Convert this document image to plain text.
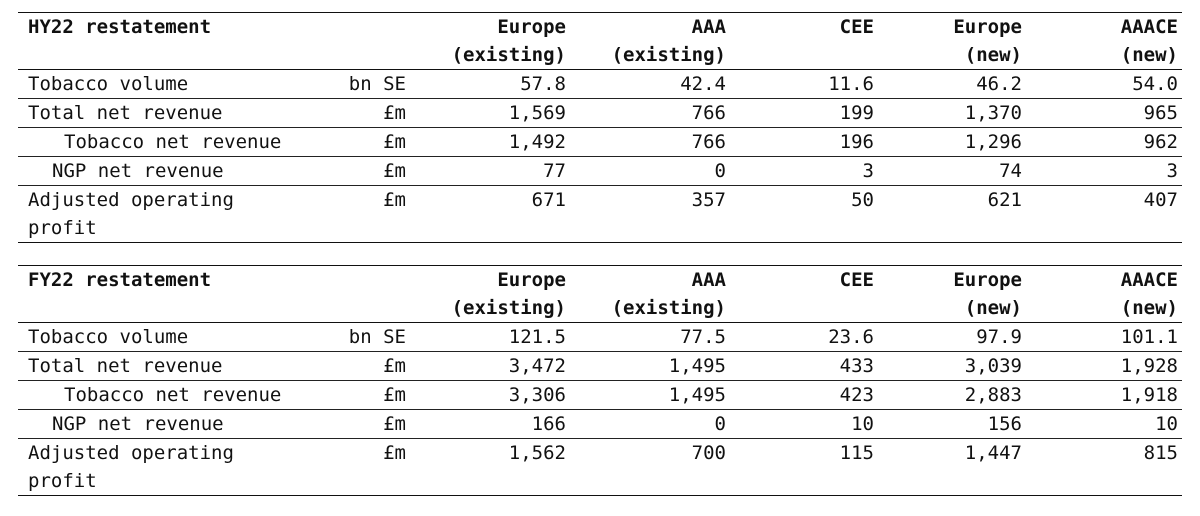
HY22 restatement		Europe	AAA	CEE	Europe	AAACE
		(existing)	(existing)		(new)	(new)
Tobacco volume	bn SE	57.8	42.4	11.6	46.2	54.0
Total net revenue	£m	1,569	766	199	1,370	965
Tobacco net revenue	£m	1,492	766	196	1,296	962
NGP net revenue	£m	77	0	3	74	3
Adjusted operating profit	£m	671	357	50	621	407
FY22 restatement		Europe	AAA	CEE	Europe	AAACE
		(existing)	(existing)		(new)	(new)
Tobacco volume	bn SE	121.5	77.5	23.6	97.9	101.1
Total net revenue	£m	3,472	1,495	433	3,039	1,928
Tobacco net revenue	£m	3,306	1,495	423	2,883	1,918
NGP net revenue	£m	166	0	10	156	10
Adjusted operating profit	£m	1,562	700	115	1,447	815
